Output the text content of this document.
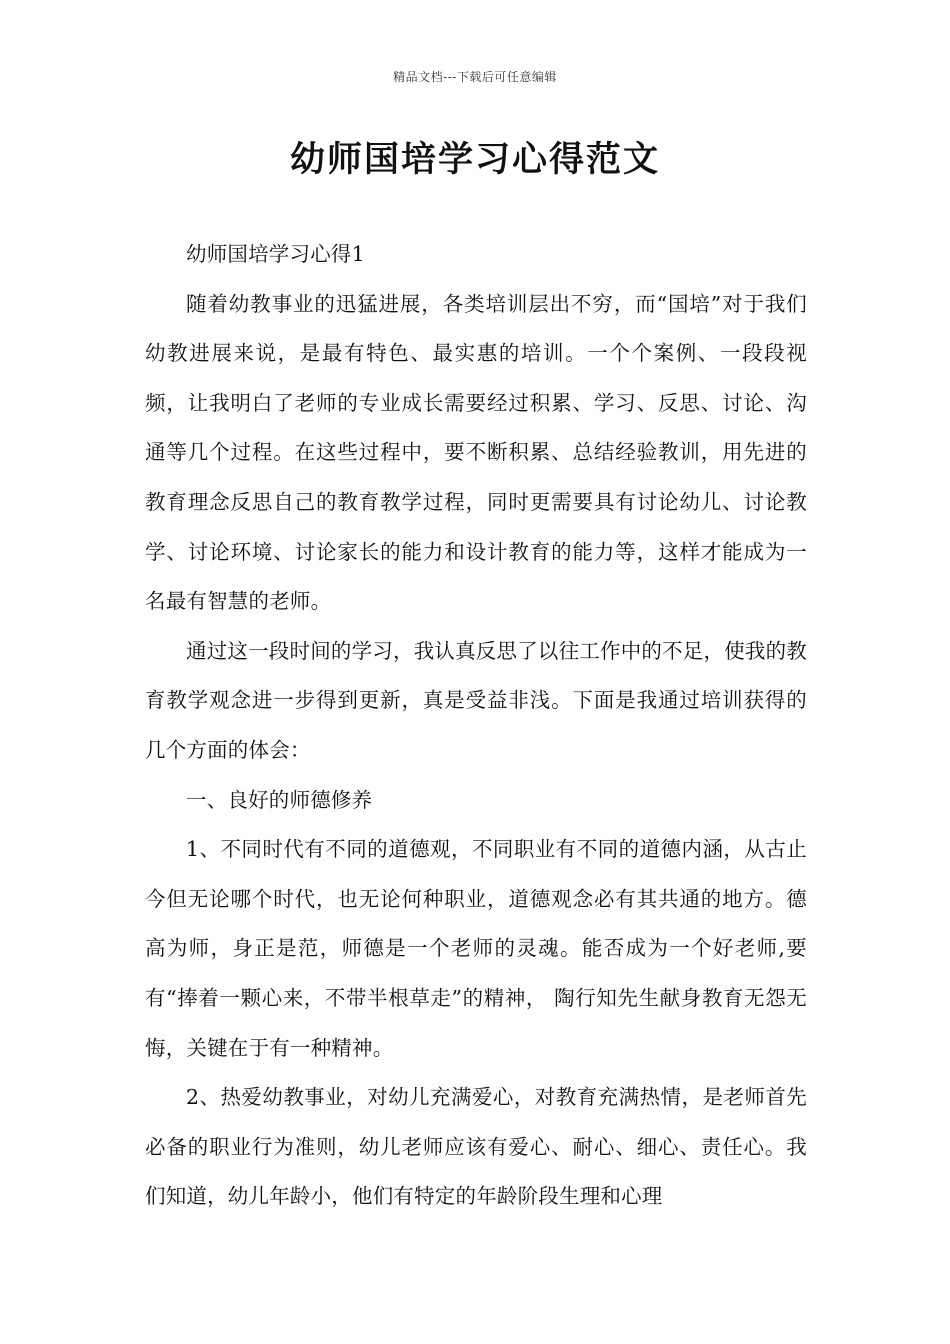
精品文档---下载后可任意编辑
幼师国培学习心得范文

幼师国培学习心得1

随着幼教事业的迅猛进展，各类培训层出不穷，而“国培”对于我们幼教进展来说，是最有特色、最实惠的培训。一个个案例、一段段视频，让我明白了老师的专业成长需要经过积累、学习、反思、讨论、沟通等几个过程。在这些过程中，要不断积累、总结经验教训，用先进的教育理念反思自己的教育教学过程，同时更需要具有讨论幼儿、讨论教学、讨论环境、讨论家长的能力和设计教育的能力等，这样才能成为一名最有智慧的老师。

通过这一段时间的学习，我认真反思了以往工作中的不足，使我的教育教学观念进一步得到更新，真是受益非浅。下面是我通过培训获得的几个方面的体会：

一、良好的师德修养

1、不同时代有不同的道德观，不同职业有不同的道德内涵，从古止今但无论哪个时代，也无论何种职业，道德观念必有其共通的地方。德高为师，身正是范，师德是一个老师的灵魂。能否成为一个好老师,要有“捧着一颗心来，不带半根草走”的精神， 陶行知先生献身教育无怨无悔，关键在于有一种精神。

2、热爱幼教事业，对幼儿充满爱心，对教育充满热情，是老师首先必备的职业行为准则，幼儿老师应该有爱心、耐心、细心、责任心。我们知道，幼儿年龄小，他们有特定的年龄阶段生理和心理
